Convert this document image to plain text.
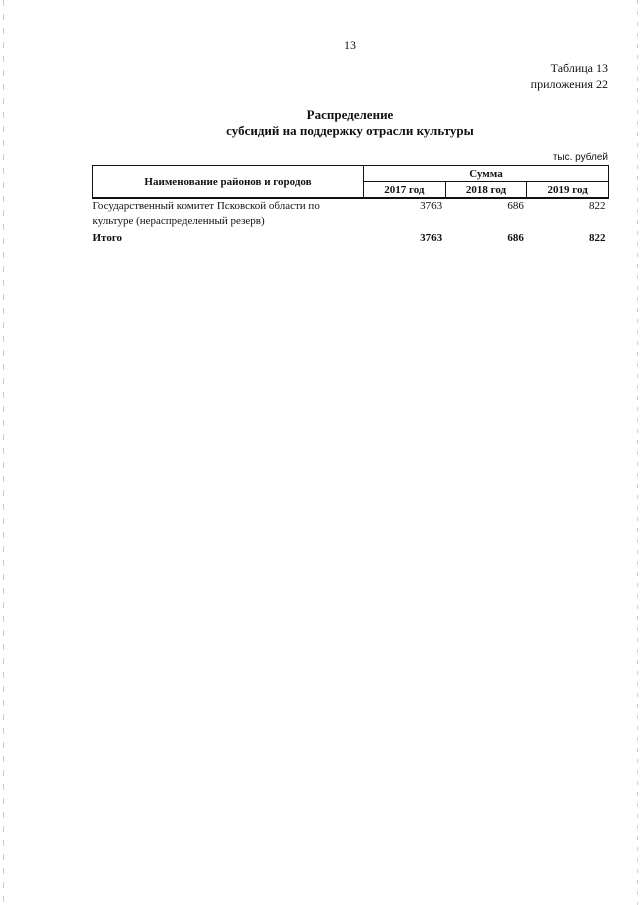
13
Таблица 13
приложения 22
Распределение
субсидий на поддержку отрасли культуры
тыс. рублей
Наименование районов и городов	Сумма		
	2017 год	2018 год	2019 год
Государственный комитет Псковской области по культуре (нераспределенный резерв)	3763	686	822
Итого	3763	686	822
